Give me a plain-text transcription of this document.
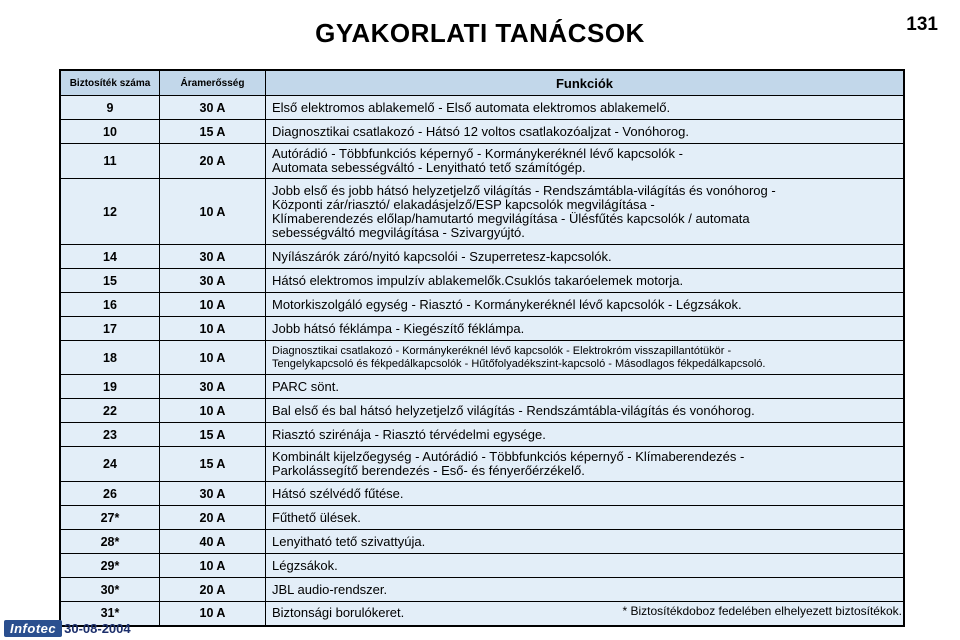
GYAKORLATI TANÁCSOK	131
Biztosíték száma	Áramerősség	Funkciók
9	30 A	Első elektromos ablakemelő - Első automata elektromos ablakemelő.

10	15 A	Diagnosztikai csatlakozó - Hátsó 12 voltos csatlakozóaljzat - Vonóhorog.

11	20 A	Autórádió - Többfunkciós képernyő - Kormánykeréknél lévő kapcsolók -
Automata sebességváltó - Lenyitható tető számítógép.

12	10 A	Jobb első és jobb hátsó helyzetjelző világítás - Rendszámtábla-világítás és vonóhorog -
Központi zár/riasztó/ elakadásjelző/ESP kapcsolók megvilágítása -
Klímaberendezés előlap/hamutartó megvilágítása - Ülésfűtés kapcsolók / automata
sebességváltó megvilágítása - Szivargyújtó.

14	30 A	Nyílászárók záró/nyitó kapcsolói - Szuperretesz-kapcsolók.

15	30 A	Hátsó elektromos impulzív ablakemelők.Csuklós takaróelemek motorja.

16	10 A	Motorkiszolgáló egység - Riasztó - Kormánykeréknél lévő kapcsolók - Légzsákok.

17	10 A	Jobb hátsó féklámpa - Kiegészítő féklámpa.

18	10 A	Diagnosztikai csatlakozó - Kormánykeréknél lévő kapcsolók - Elektrokróm visszapillantótükör -
Tengelykapcsoló és fékpedálkapcsolók - Hűtőfolyadékszint-kapcsoló - Másodlagos fékpedálkapcsoló.

19	30 A	PARC sönt.

22	10 A	Bal első és bal hátsó helyzetjelző világítás - Rendszámtábla-világítás és vonóhorog.

23	15 A	Riasztó szirénája - Riasztó térvédelmi egysége.

24	15 A	Kombinált kijelzőegység - Autórádió - Többfunkciós képernyő - Klímaberendezés -
Parkolássegítő berendezés - Eső- és fényerőérzékelő.

26	30 A	Hátsó szélvédő fűtése.

27*	20 A	Fűthető ülések.

28*	40 A	Lenyitható tető szivattyúja.

29*	10 A	Légzsákok.

30*	20 A	JBL audio-rendszer.

31*	10 A	Biztonsági borulókeret.	* Biztosítékdoboz fedelében elhelyezett biztosítékok.
Infotec 30-08-2004
